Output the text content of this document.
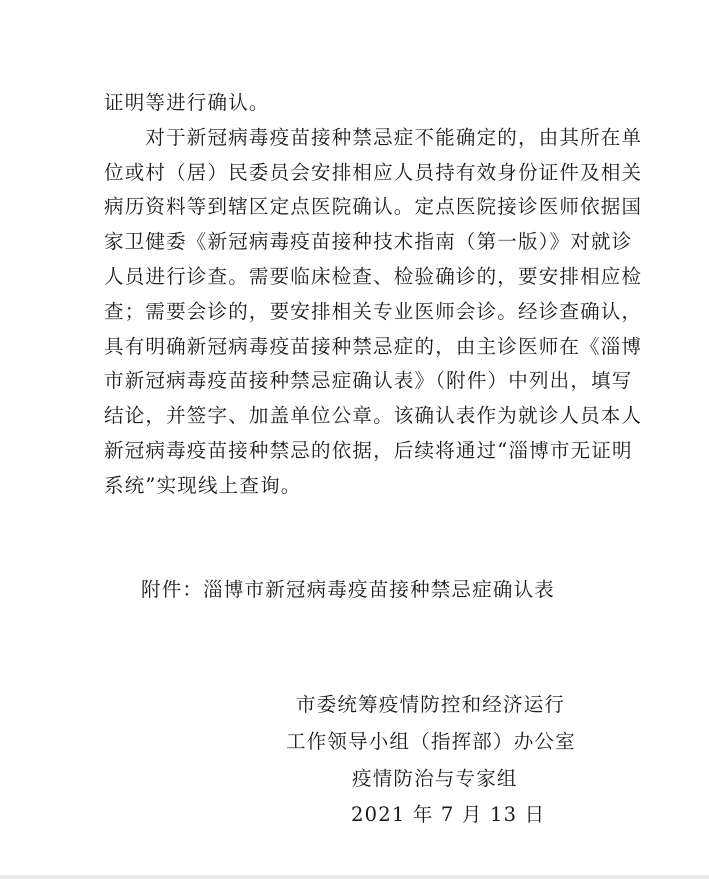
证明等进行确认。
　　对于新冠病毒疫苗接种禁忌症不能确定的，由其所在单
位或村（居）民委员会安排相应人员持有效身份证件及相关
病历资料等到辖区定点医院确认。定点医院接诊医师依据国
家卫健委《新冠病毒疫苗接种技术指南（第一版）》对就诊
人员进行诊查。需要临床检查、检验确诊的，要安排相应检
查；需要会诊的，要安排相关专业医师会诊。经诊查确认，
具有明确新冠病毒疫苗接种禁忌症的，由主诊医师在《淄博
市新冠病毒疫苗接种禁忌症确认表》（附件）中列出，填写
结论，并签字、加盖单位公章。该确认表作为就诊人员本人
新冠病毒疫苗接种禁忌的依据，后续将通过“淄博市无证明
系统”实现线上查询。
附件：淄博市新冠病毒疫苗接种禁忌症确认表
市委统筹疫情防控和经济运行
工作领导小组（指挥部）办公室
疫情防治与专家组
2021 年 7 月 13 日
